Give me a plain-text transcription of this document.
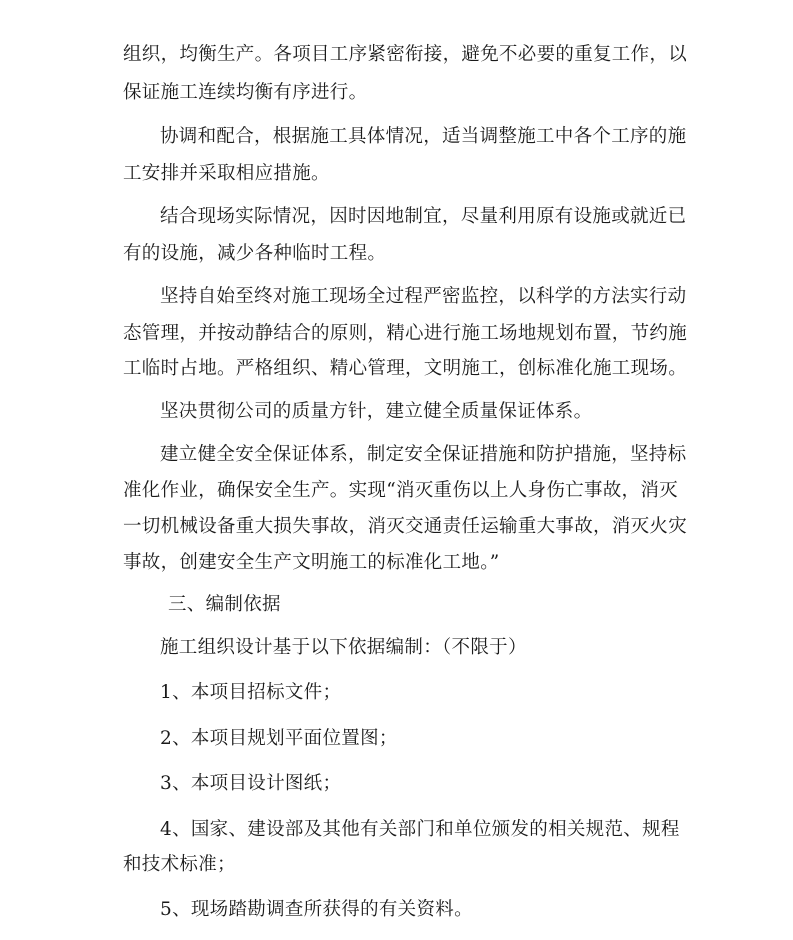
组织，均衡生产。各项目工序紧密衔接，避免不必要的重复工作，以
保证施工连续均衡有序进行。
协调和配合，根据施工具体情况，适当调整施工中各个工序的施
工安排并采取相应措施。
结合现场实际情况，因时因地制宜，尽量利用原有设施或就近已
有的设施，减少各种临时工程。
坚持自始至终对施工现场全过程严密监控，以科学的方法实行动
态管理，并按动静结合的原则，精心进行施工场地规划布置，节约施
工临时占地。严格组织、精心管理，文明施工，创标准化施工现场。
坚决贯彻公司的质量方针，建立健全质量保证体系。
建立健全安全保证体系，制定安全保证措施和防护措施，坚持标
准化作业，确保安全生产。实现“消灭重伤以上人身伤亡事故，消灭
一切机械设备重大损失事故，消灭交通责任运输重大事故，消灭火灾
事故，创建安全生产文明施工的标准化工地。”
三、编制依据
施工组织设计基于以下依据编制：（不限于）
1、本项目招标文件；
2、本项目规划平面位置图；
3、本项目设计图纸；
4、国家、建设部及其他有关部门和单位颁发的相关规范、规程
和技术标准；
5、现场踏勘调查所获得的有关资料。
